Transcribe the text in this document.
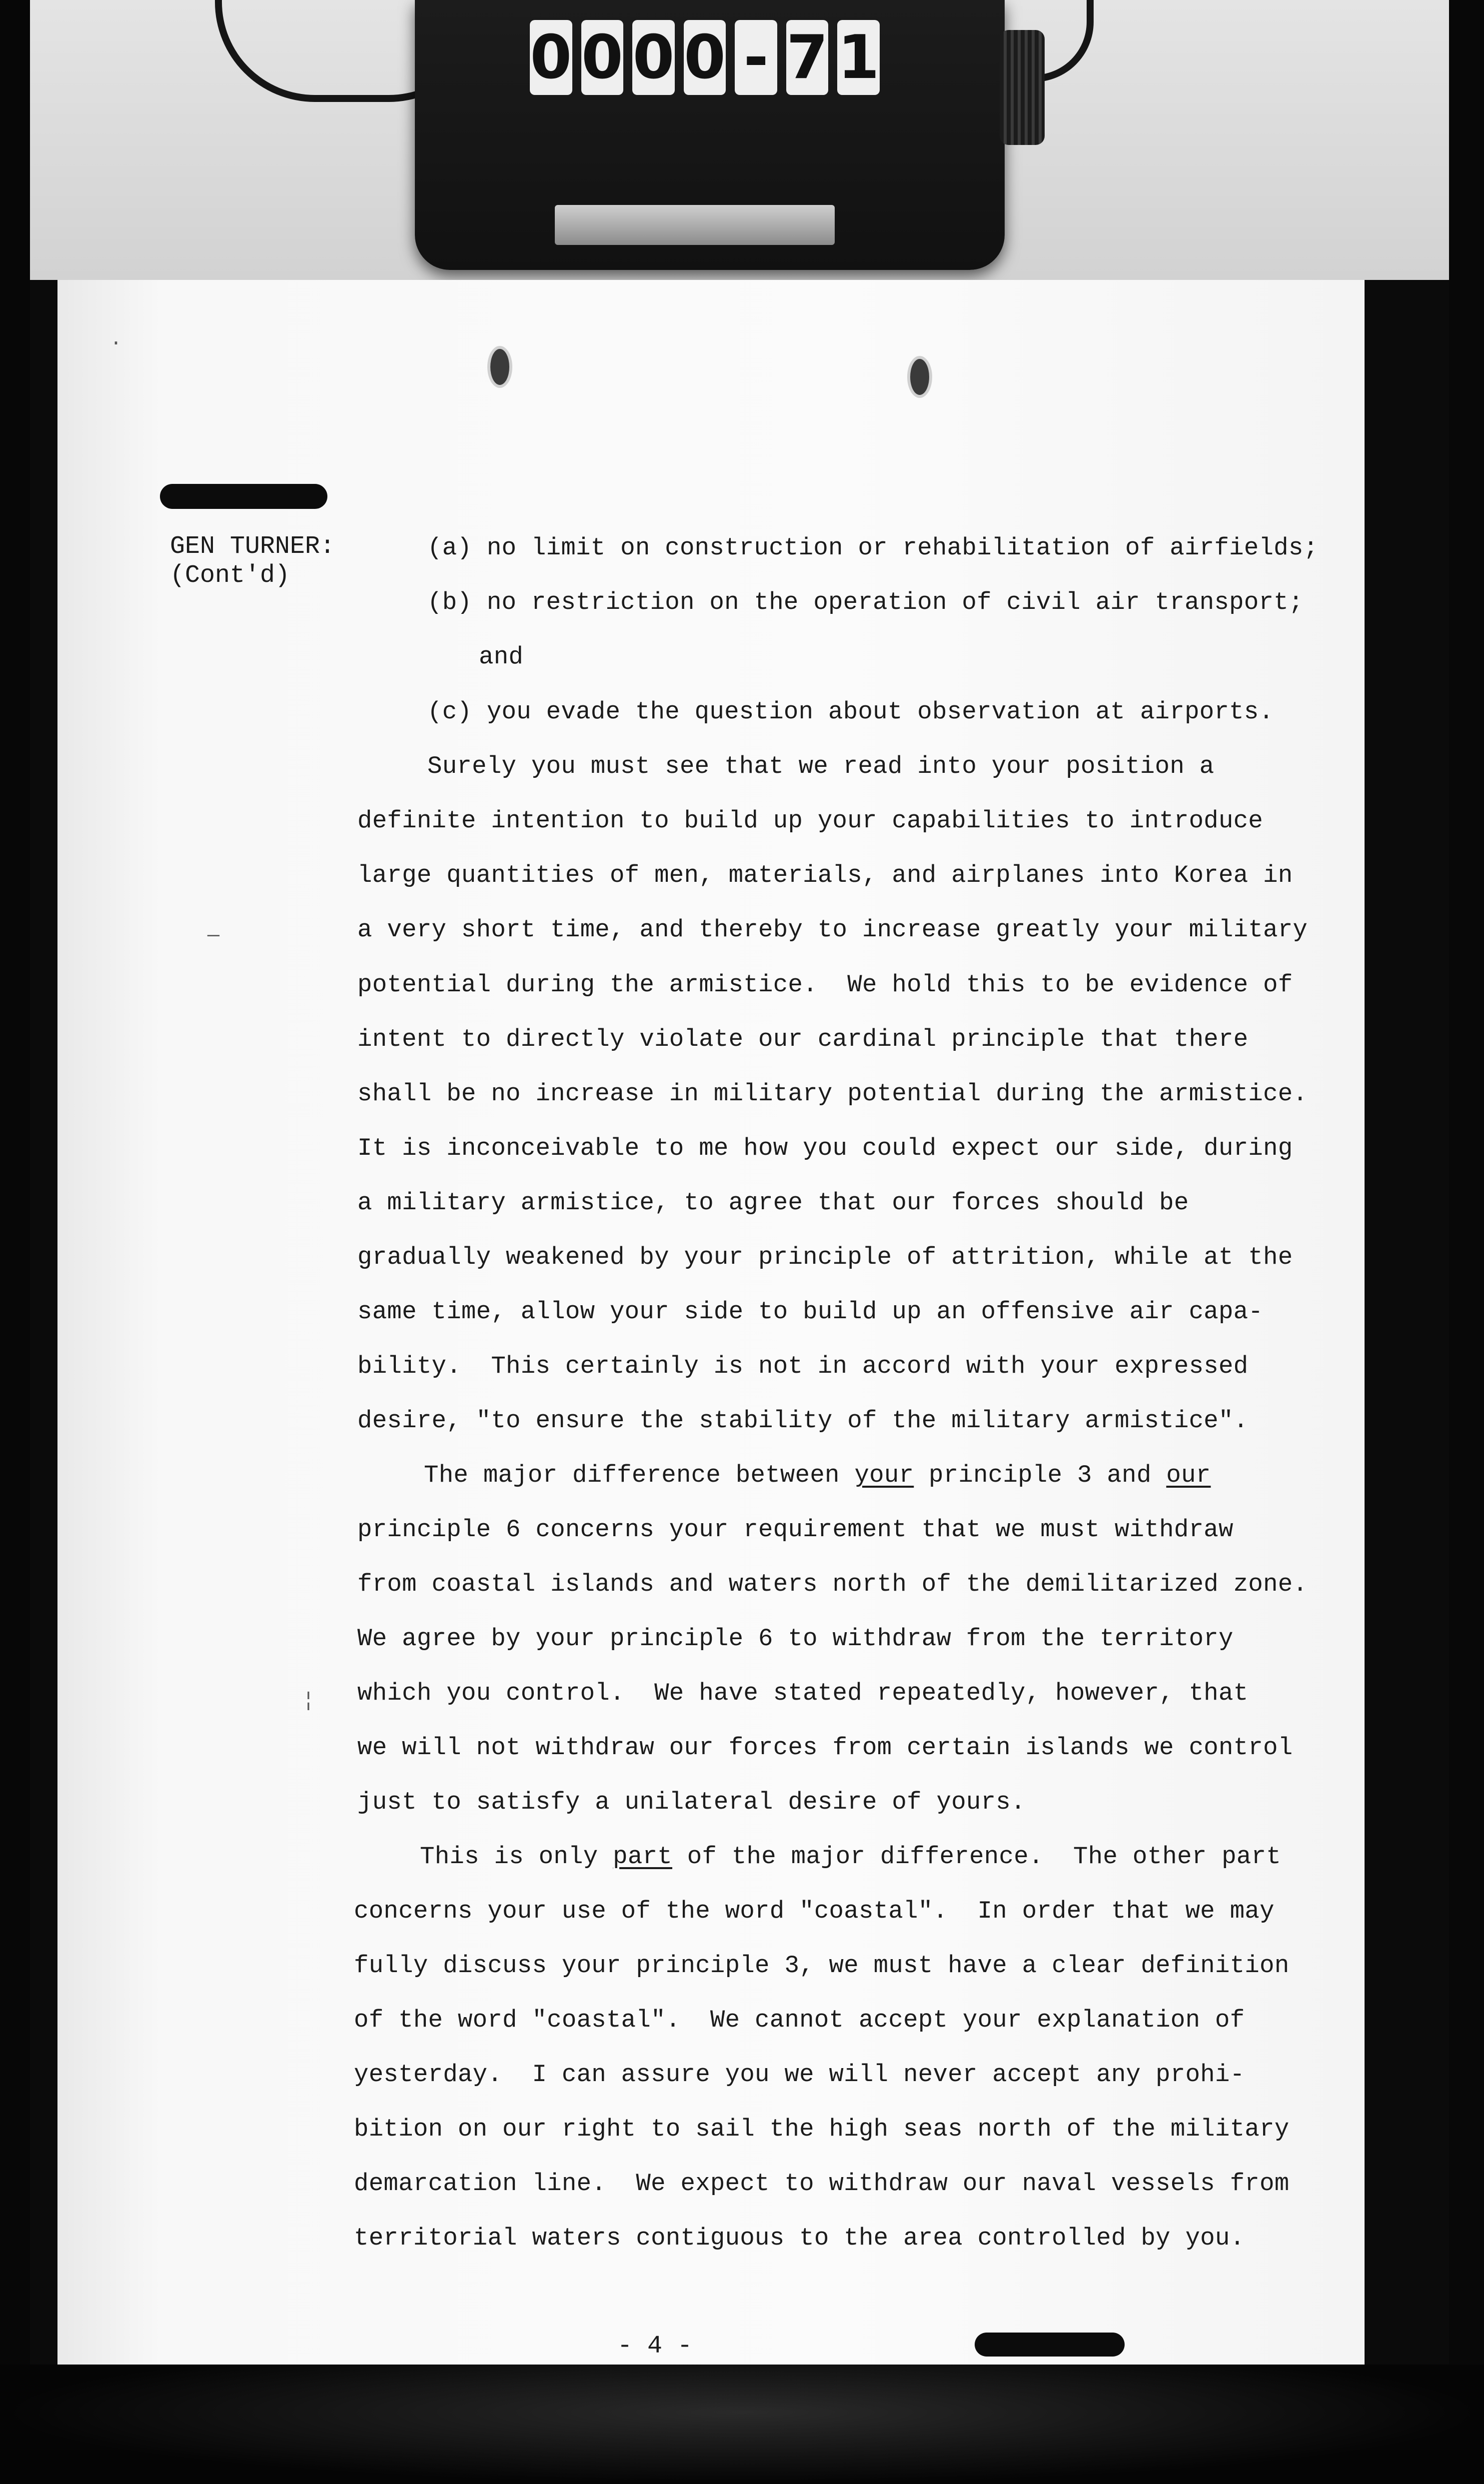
0 0 0 0 - 7 1
GEN TURNER:
(Cont'd)
(a) no limit on construction or rehabilitation of airfields;
(b) no restriction on the operation of civil air transport;
and
(c) you evade the question about observation at airports.
Surely you must see that we read into your position a
definite intention to build up your capabilities to introduce
large quantities of men, materials, and airplanes into Korea in
a very short time, and thereby to increase greatly your military
potential during the armistice.  We hold this to be evidence of
intent to directly violate our cardinal principle that there
shall be no increase in military potential during the armistice.
It is inconceivable to me how you could expect our side, during
a military armistice, to agree that our forces should be
gradually weakened by your principle of attrition, while at the
same time, allow your side to build up an offensive air capa-
bility.  This certainly is not in accord with your expressed
desire, "to ensure the stability of the military armistice".
The major difference between your principle 3 and our
principle 6 concerns your requirement that we must withdraw
from coastal islands and waters north of the demilitarized zone.
We agree by your principle 6 to withdraw from the territory
which you control.  We have stated repeatedly, however, that
we will not withdraw our forces from certain islands we control
just to satisfy a unilateral desire of yours.
This is only part of the major difference.  The other part
concerns your use of the word "coastal".  In order that we may
fully discuss your principle 3, we must have a clear definition
of the word "coastal".  We cannot accept your explanation of
yesterday.  I can assure you we will never accept any prohi-
bition on our right to sail the high seas north of the military
demarcation line.  We expect to withdraw our naval vessels from
territorial waters contiguous to the area controlled by you.
- 4 -
·
—
¦
